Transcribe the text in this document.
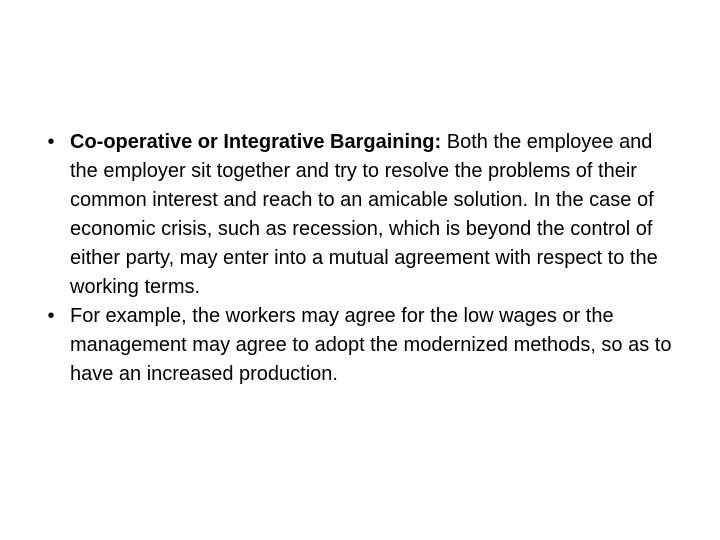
• Co-operative or Integrative Bargaining: Both the employee and the employer sit together and try to resolve the problems of their common interest and reach to an amicable solution. In the case of economic crisis, such as recession, which is beyond the control of either party, may enter into a mutual agreement with respect to the working terms.
• For example, the workers may agree for the low wages or the management may agree to adopt the modernized methods, so as to have an increased production.
